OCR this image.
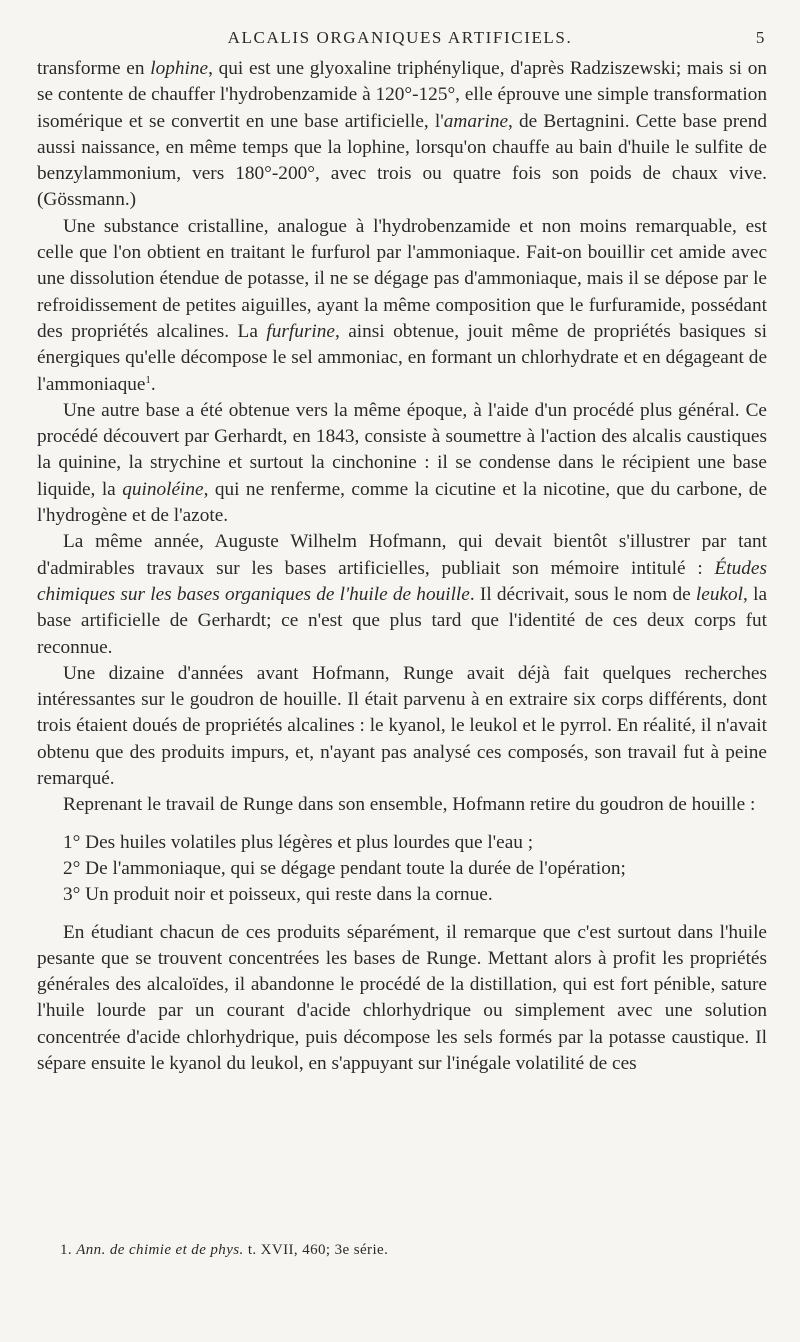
ALCALIS ORGANIQUES ARTIFICIELS.	5

transforme en lophine, qui est une glyoxaline triphénylique, d'après Radziszewski; mais si on se contente de chauffer l'hydrobenzamide à 120°-125°, elle éprouve une simple transformation isomérique et se convertit en une base artificielle, l'amarine, de Bertagnini. Cette base prend aussi naissance, en même temps que la lophine, lorsqu'on chauffe au bain d'huile le sulfite de benzylammonium, vers 180°-200°, avec trois ou quatre fois son poids de chaux vive. (Gössmann.)

Une substance cristalline, analogue à l'hydrobenzamide et non moins remarquable, est celle que l'on obtient en traitant le furfurol par l'ammoniaque. Fait-on bouillir cet amide avec une dissolution étendue de potasse, il ne se dégage pas d'ammoniaque, mais il se dépose par le refroidissement de petites aiguilles, ayant la même composition que le furfuramide, possédant des propriétés alcalines. La furfurine, ainsi obtenue, jouit même de propriétés basiques si énergiques qu'elle décompose le sel ammoniac, en formant un chlorhydrate et en dégageant de l'ammoniaque$^1$.

Une autre base a été obtenue vers la même époque, à l'aide d'un procédé plus général. Ce procédé découvert par Gerhardt, en 1843, consiste à soumettre à l'action des alcalis caustiques la quinine, la strychine et surtout la cinchonine : il se condense dans le récipient une base liquide, la quinoléine, qui ne renferme, comme la cicutine et la nicotine, que du carbone, de l'hydrogène et de l'azote.

La même année, Auguste Wilhelm Hofmann, qui devait bientôt s'illustrer par tant d'admirables travaux sur les bases artificielles, publiait son mémoire intitulé : Études chimiques sur les bases organiques de l'huile de houille. Il décrivait, sous le nom de leukol, la base artificielle de Gerhardt; ce n'est que plus tard que l'identité de ces deux corps fut reconnue.

Une dizaine d'années avant Hofmann, Runge avait déjà fait quelques recherches intéressantes sur le goudron de houille. Il était parvenu à en extraire six corps différents, dont trois étaient doués de propriétés alcalines : le kyanol, le leukol et le pyrrol. En réalité, il n'avait obtenu que des produits impurs, et, n'ayant pas analysé ces composés, son travail fut à peine remarqué.

Reprenant le travail de Runge dans son ensemble, Hofmann retire du goudron de houille :

1° Des huiles volatiles plus légères et plus lourdes que l'eau ;

2° De l'ammoniaque, qui se dégage pendant toute la durée de l'opération;

3° Un produit noir et poisseux, qui reste dans la cornue.

En étudiant chacun de ces produits séparément, il remarque que c'est surtout dans l'huile pesante que se trouvent concentrées les bases de Runge. Mettant alors à profit les propriétés générales des alcaloïdes, il abandonne le procédé de la distillation, qui est fort pénible, sature l'huile lourde par un courant d'acide chlorhydrique ou simplement avec une solution concentrée d'acide chlorhydrique, puis décompose les sels formés par la potasse caustique. Il sépare ensuite le kyanol du leukol, en s'appuyant sur l'inégale volatilité de ces

1. Ann. de chimie et de phys. t. XVII, 460; 3e série.
